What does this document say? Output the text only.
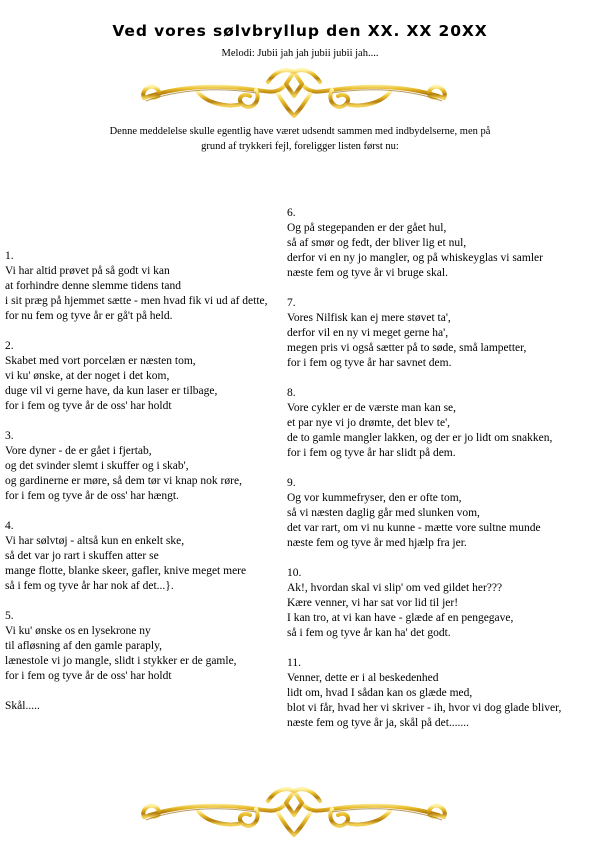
Ved vores sølvbryllup den XX. XX 20XX
Melodi: Jubii jah jah jubii jubii jah....
Denne meddelelse skulle egentlig have været udsendt sammen med indbydelserne, men på
grund af trykkeri fejl, foreligger listen først nu:
1.
Vi har altid prøvet på så godt vi kan
at forhindre denne slemme tidens tand
i sit præg på hjemmet sætte - men hvad fik vi ud af dette,
for nu fem og tyve år er gå't på held.
2.
Skabet med vort porcelæn er næsten tom,
vi ku' ønske, at der noget i det kom,
duge vil vi gerne have, da kun laser er tilbage,
for i fem og tyve år de oss' har holdt
3.
Vore dyner - de er gået i fjertab,
og det svinder slemt i skuffer og i skab',
og gardinerne er møre, så dem tør vi knap nok røre,
for i fem og tyve år de oss' har hængt.
4.
Vi har sølvtøj - altså kun en enkelt ske,
så det var jo rart i skuffen atter se
mange flotte, blanke skeer, gafler, knive meget mere
så i fem og tyve år har nok af det...}.
5.
Vi ku' ønske os en lysekrone ny
til afløsning af den gamle paraply,
lænestole vi jo mangle, slidt i stykker er de gamle,
for i fem og tyve år de oss' har holdt
Skål.....
6.
Og på stegepanden er der gået hul,
så af smør og fedt, der bliver lig et nul,
derfor vi en ny jo mangler, og på whiskeyglas vi samler
næste fem og tyve år vi bruge skal.
7.
Vores Nilfisk kan ej mere støvet ta',
derfor vil en ny vi meget gerne ha',
megen pris vi også sætter på to søde, små lampetter,
for i fem og tyve år har savnet dem.
8.
Vore cykler er de værste man kan se,
et par nye vi jo drømte, det blev te',
de to gamle mangler lakken, og der er jo lidt om snakken,
for i fem og tyve år har slidt på dem.
9.
Og vor kummefryser, den er ofte tom,
så vi næsten daglig går med slunken vom,
det var rart, om vi nu kunne - mætte vore sultne munde
næste fem og tyve år med hjælp fra jer.
10.
Ak!, hvordan skal vi slip' om ved gildet her???
Kære venner, vi har sat vor lid til jer!
I kan tro, at vi kan have - glæde af en pengegave,
så i fem og tyve år kan ha' det godt.
11.
Venner, dette er i al beskedenhed
lidt om, hvad I sådan kan os glæde med,
blot vi får, hvad her vi skriver - ih, hvor vi dog glade bliver,
næste fem og tyve år ja, skål på det.......
